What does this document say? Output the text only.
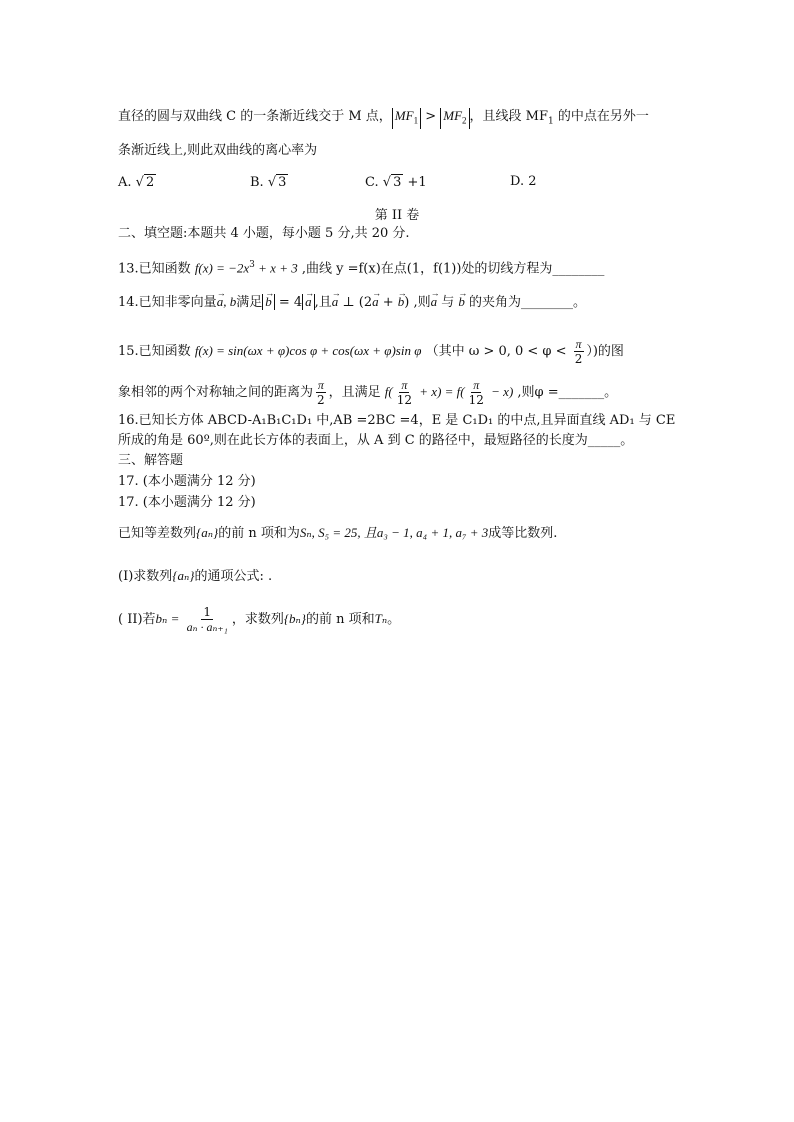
直径的圆与双曲线 C 的一条渐近线交于 M 点， $MF_1 > MF_2$ ，且线段 $MF_1$ 的中点在另外一
条渐近线上,则此双曲线的离心率为
A. √ 2	B. √ 3	C. √ 3 +1	D. 2
第 II 卷
二、填空题:本题共 4 小题，每小题 5 分,共 20 分.
13.已知函数 $f(x) = -2x^3 + x + 3$ ,曲线 y =f(x)在点(1，f(1))处的切线方程为________
14.已知非零向量→ a, b满足 → b = 4 → a ,且→ a ⊥ (2→ a + → b) ,则→ a 与 → b 的夹角为________。
15.已知函数 f(x) = sin(ωx + φ)cos φ + cos(ωx + φ)sin φ （其中 ω > 0, $0 < \varphi < \frac{\pi}{2}$ ）)的图
象相邻的两个对称轴之间的距离为 $\frac{\pi}{2}$ ，且满足 $f( \frac{\pi}{12} + x) = f( \frac{\pi}{12} - x)$ ,则φ =_______。
16.已知长方体 ABCD-A₁B₁C₁D₁ 中,AB =2BC =4，E 是 C₁D₁ 的中点,且异面直线 AD₁ 与 CE
所成的角是 60º,则在此长方体的表面上，从 A 到 C 的路径中，最短路径的长度为_____。
三、解答题
17. (本小题满分 12 分)
17. (本小题满分 12 分)
已知等差数列{aₙ}的前 n 项和为Sₙ, S₅ = 25, 且a₃ − 1, a₄ + 1, a₇ + 3成等比数列.
(I)求数列{aₙ}的通项公式: .
( II)若$b_n = \frac{1}{\text{aₙ · aₙ₊₁}}$ ，求数列{bₙ}的前 n 项和Tₙ。
